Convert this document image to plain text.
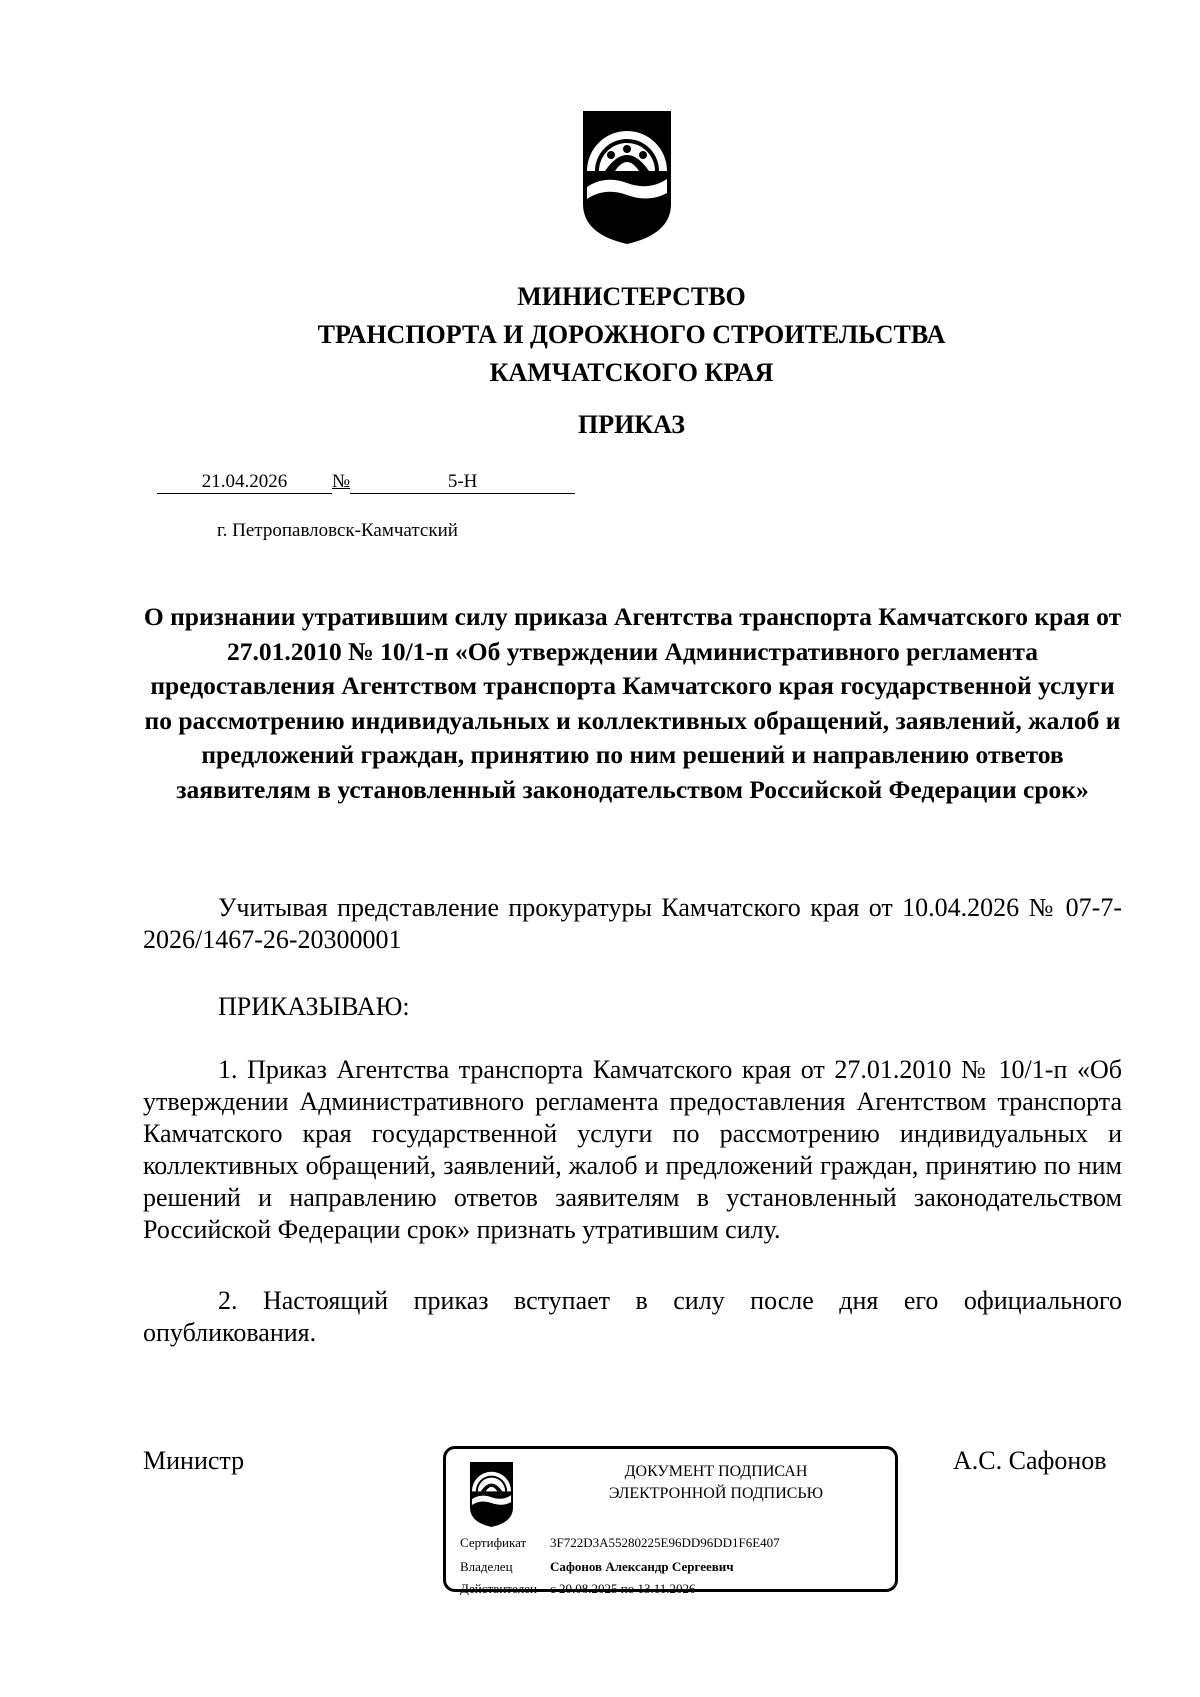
МИНИСТЕРСТВО
ТРАНСПОРТА И ДОРОЖНОГО СТРОИТЕЛЬСТВА
КАМЧАТСКОГО КРАЯ
ПРИКАЗ
21.04.2026 №	5-Н
г. Петропавловск-Камчатский
О признании утратившим силу приказа Агентства транспорта Камчатского края от 27.01.2010 № 10/1-п «Об утверждении Административного регламента предоставления Агентством транспорта Камчатского края государственной услуги по рассмотрению индивидуальных и коллективных обращений, заявлений, жалоб и предложений граждан, принятию по ним решений и направлению ответов заявителям в установленный законодательством Российской Федерации срок»
Учитывая представление прокуратуры Камчатского края от 10.04.2026 № 07-7-2026/1467-26-20300001
ПРИКАЗЫВАЮ:
1. Приказ Агентства транспорта Камчатского края от 27.01.2010 № 10/1-п «Об утверждении Административного регламента предоставления Агентством транспорта Камчатского края государственной услуги по рассмотрению индивидуальных и коллективных обращений, заявлений, жалоб и предложений граждан, принятию по ним решений и направлению ответов заявителям в установленный законодательством Российской Федерации срок» признать утратившим силу.
2. Настоящий приказ вступает в силу после дня его официального опубликования.
Министр	А.С. Сафонов
ДОКУМЕНТ ПОДПИСАН
ЭЛЕКТРОННОЙ ПОДПИСЬЮ
Сертификат 3F722D3A55280225E96DD96DD1F6E407
Владелец	Сафонов Александр Сергеевич
Действителен с 20.08.2025 по 13.11.2026
